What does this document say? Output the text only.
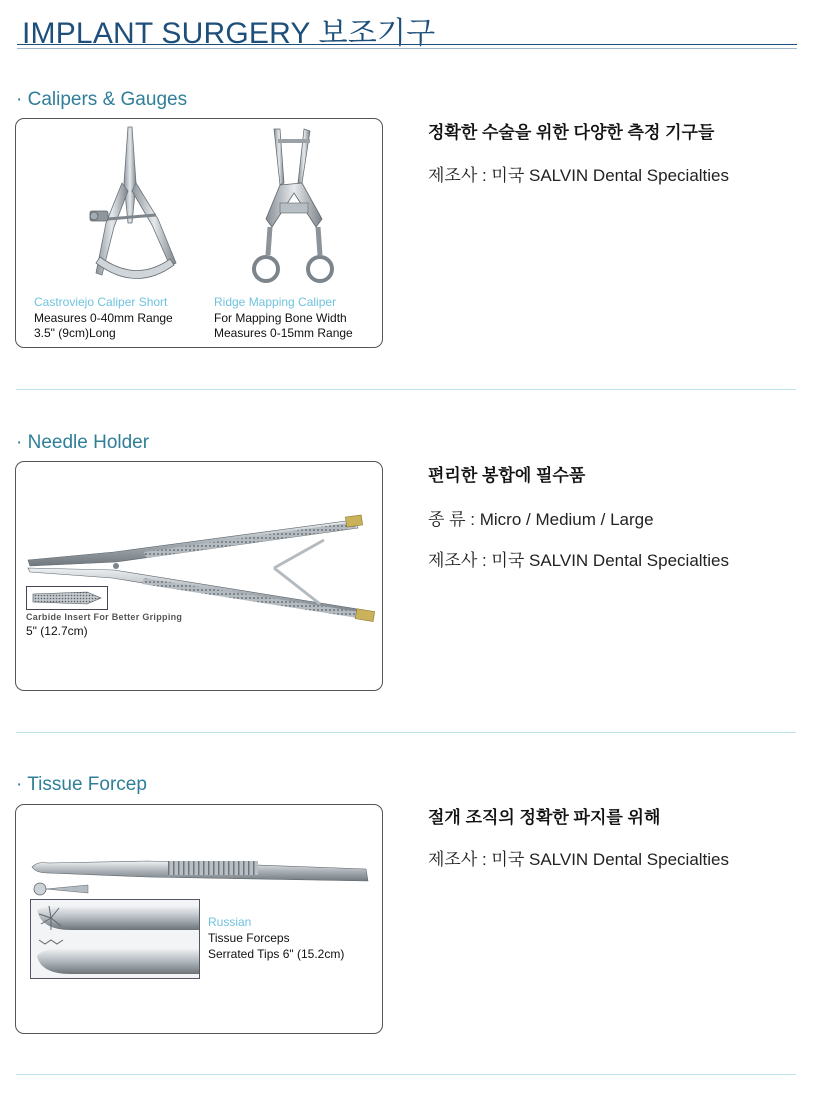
IMPLANT SURGERY 보조기구
· Calipers & Gauges
Castroviejo Caliper Short
Measures 0-40mm Range
3.5" (9cm)Long
Ridge Mapping Caliper
For Mapping Bone Width
Measures 0-15mm Range
정확한 수술을 위한 다양한 측정 기구들
제조사 : 미국 SALVIN Dental Specialties
· Needle Holder
Carbide Insert For Better Gripping
5" (12.7cm)
편리한 봉합에 필수품
종 류 : Micro / Medium / Large
제조사 : 미국 SALVIN Dental Specialties
· Tissue Forcep
Russian
Tissue Forceps
Serrated Tips 6" (15.2cm)
절개 조직의 정확한 파지를 위해
제조사 : 미국 SALVIN Dental Specialties
